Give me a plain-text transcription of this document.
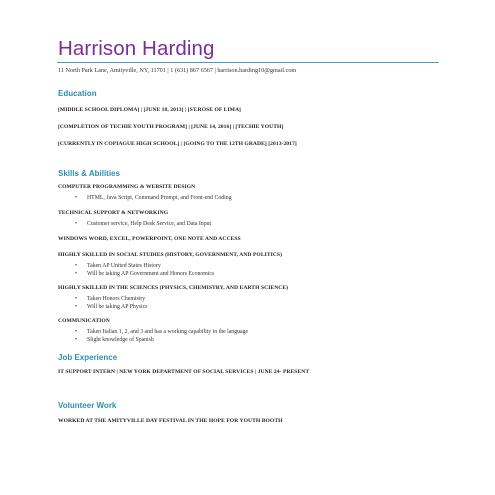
Harrison Harding
11 North Park Lane, Amityville, NY, 11701 | 1 (631) 867 6567 | harrison.harding10@gmail.com
Education
[MIDDLE SCHOOL DIPLOMA] | [JUNE 18, 2013] | [ST.ROSE OF LIMA]
[COMPLETION OF TECHIE YOUTH PROGRAM] | [JUNE 14, 2016] | [TECHIE YOUTH]
[CURRENTLY IN COPIAGUE HIGH SCHOOL] | [GOING TO THE 12TH GRADE] [2013-2017]
Skills & Abilities
COMPUTER PROGRAMMING & WEBSITE DESIGN
• HTML, Java Script, Command Prompt, and Front-end Coding
TECHNICAL SUPPORT & NETWORKING
• Customer service, Help Desk Service, and Data Input
WINDOWS WORD, EXCEL, POWERPOINT, ONE NOTE AND ACCESS
HIGHLY SKILLED IN SOCIAL STUDIES (HISTORY, GOVERNMENT, AND POLITICS)
• Taken AP United States History
• Will be taking AP Government and Honors Economics
HIGHLY SKILLED IN THE SCIENCES (PHYSICS, CHEMISTRY, AND EARTH SCIENCE)
• Taken Honors Chemistry
• Will be taking AP Physics
COMMUNICATION
• Taken Italian 1, 2, and 3 and has a working capability in the language
• Slight knowledge of Spanish
Job Experience
IT SUPPORT INTERN | NEW YORK DEPARTMENT OF SOCIAL SERVICES | JUNE 24- PRESENT
Volunteer Work
WORKED AT THE AMITYVILLE DAY FESTIVAL IN THE HOPE FOR YOUTH BOOTH
